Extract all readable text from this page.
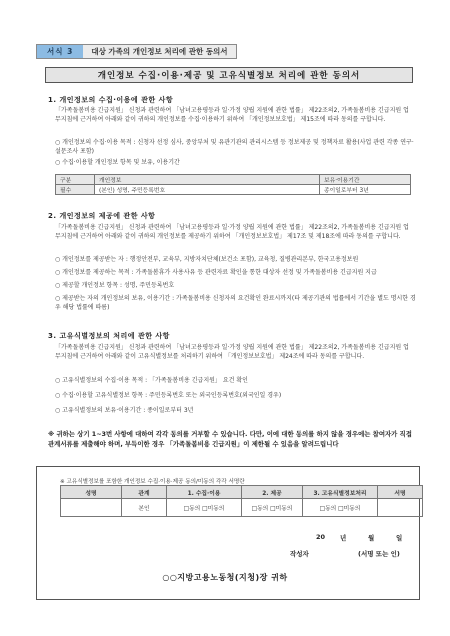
서식 3	대상 가족의 개인정보 처리에 관한 동의서
개인정보 수집·이용·제공 및 고유식별정보 처리에 관한 동의서
1. 개인정보의 수집·이용에 관한 사항
「가족돌봄비용 긴급지원」 신청과 관련하여 「남녀고용평등과 일·가정 양립 지원에 관한 법률」 제22조의2, 가족돌봄비용 긴급지원 업무지침에 근거하여 아래와 같이 귀하의 개인정보를 수집·이용하기 위하여 「개인정보보호법」 제15조에 따라 동의를 구합니다.
○ 개인정보의 수집·이용 목적 : 신청자 선정 심사, 중앙부처 및 유관기관의 관리시스템 등 정보제공 및 정책자료 활용(사업 관련 각종 연구·설문조사 포함)
○ 수집·이용할 개인정보 항목 및 보유, 이용기간
구분	개인정보	보유·이용기간
필수	(본인) 성명, 주민등록번호	종이일로부터 3년
2. 개인정보의 제공에 관한 사항
「가족돌봄비용 긴급지원」 신청과 관련하여 「남녀고용평등과 일·가정 양립 지원에 관한 법률」 제22조의2, 가족돌봄비용 긴급지원 업무지침에 근거하여 아래와 같이 귀하의 개인정보를 제공하기 위하여 「개인정보보호법」 제17조 및 제18조에 따라 동의를 구합니다.
○ 개인정보를 제공받는 자 : 행정안전부, 교육부, 지방자치단체(보건소 포함), 교육청, 질병관리본부, 한국고용정보원
○ 개인정보를 제공하는 목적 : 가족돌봄휴가 사용사유 등 관련자료 확인을 통한 대상자 선정 및 가족돌봄비용 긴급지원 지급
○ 제공할 개인정보 항목 : 성명, 주민등록번호
○ 제공받는 자의 개인정보의 보유, 이용기간 : 가족돌봄비용 신청자의 요건확인 완료시까지(타 제공기관의 법률에서 기간을 별도 명시한 경우 해당 법률에 따름)
3. 고유식별정보의 처리에 관한 사항
「가족돌봄비용 긴급지원」 신청과 관련하여 「남녀고용평등과 일·가정 양립 지원에 관한 법률」 제22조의2, 가족돌봄비용 긴급지원 업무지침에 근거하여 아래와 같이 고유식별정보를 처리하기 위하여 「개인정보보호법」 제24조에 따라 동의를 구합니다.
○ 고유식별정보의 수집·이용 목적 : 「가족돌봄비용 긴급지원」 요건 확인
○ 수집·이용할 고유식별정보 항목 : 주민등록번호 또는 외국인등록번호(외국인일 경우)
○ 고유식별정보의 보유·이용기간 : 종이일로부터 3년
※ 귀하는 상기 1~3번 사항에 대하여 각각 동의를 거부할 수 있습니다. 다만, 이에 대한 동의를 하지 않을 경우에는 참여자가 직접 관계서류를 제출해야 하며, 부득이한 경우 「가족돌봄비용 긴급지원」이 제한될 수 있음을 알려드립니다
※ 고유식별정보를 포함한 개인정보 수집·이용·제공 동의/미동의 각각 서명란
성명	관계	1. 수집·이용	2. 제공	3. 고유식별정보처리	서명
	본인	□동의 □미동의	□동의 □미동의	□동의 □미동의	
20 년	월	일
작성자	(서명 또는 인)
○○지방고용노동청(지청)장 귀하
